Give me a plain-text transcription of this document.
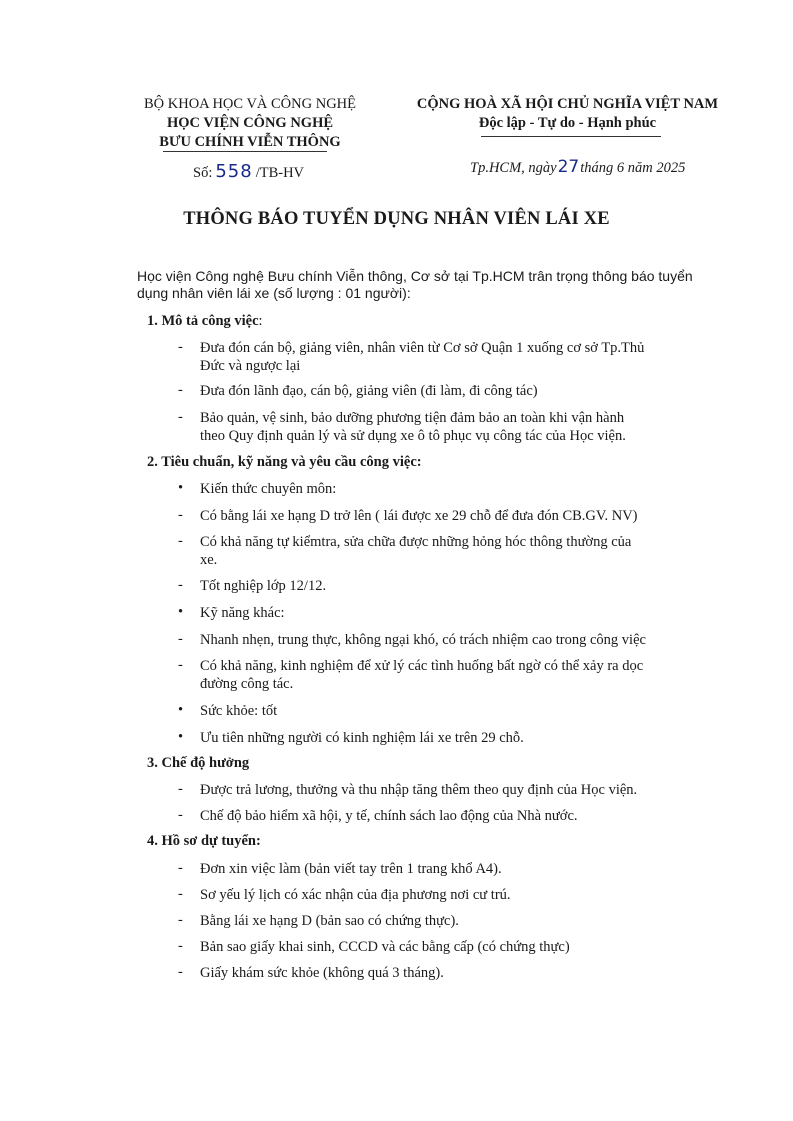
BỘ KHOA HỌC VÀ CÔNG NGHỆ
HỌC VIỆN CÔNG NGHỆ
BƯU CHÍNH VIỄN THÔNG
Số: 558 /TB-HV
CỘNG HOÀ XÃ HỘI CHỦ NGHĨA VIỆT NAM
Độc lập - Tự do - Hạnh phúc
Tp.HCM, ngày27tháng 6 năm 2025
THÔNG BÁO TUYỂN DỤNG NHÂN VIÊN LÁI XE
Học viện Công nghệ Bưu chính Viễn thông, Cơ sở tại Tp.HCM trân trọng thông báo tuyển
dụng nhân viên lái xe (số lượng : 01 người):
1. Mô tả công việc:
- Đưa đón cán bộ, giảng viên, nhân viên từ Cơ sở Quận 1 xuống cơ sở Tp.Thủ
Đức và ngược lại
- Đưa đón lãnh đạo, cán bộ, giảng viên (đi làm, đi công tác)
- Bảo quản, vệ sinh, bảo dưỡng phương tiện đảm bảo an toàn khi vận hành
theo Quy định quản lý và sử dụng xe ô tô phục vụ công tác của Học viện.
2. Tiêu chuẩn, kỹ năng và yêu cầu công việc:
• Kiến thức chuyên môn:
- Có bằng lái xe hạng D trở lên ( lái được xe 29 chỗ để đưa đón CB.GV. NV)
- Có khả năng tự kiểmtra, sửa chữa được những hỏng hóc thông thường của
xe.
- Tốt nghiệp lớp 12/12.
• Kỹ năng khác:
- Nhanh nhẹn, trung thực, không ngại khó, có trách nhiệm cao trong công việc
- Có khả năng, kinh nghiệm để xử lý các tình huống bất ngờ có thể xảy ra dọc
đường công tác.
• Sức khỏe: tốt
• Ưu tiên những người có kinh nghiệm lái xe trên 29 chỗ.
3. Chế độ hưởng
- Được trả lương, thưởng và thu nhập tăng thêm theo quy định của Học viện.
- Chế độ bảo hiểm xã hội, y tế, chính sách lao động của Nhà nước.
4. Hồ sơ dự tuyển:
- Đơn xin việc làm (bản viết tay trên 1 trang khổ A4).
- Sơ yếu lý lịch có xác nhận của địa phương nơi cư trú.
- Bằng lái xe hạng D (bản sao có chứng thực).
- Bản sao giấy khai sinh, CCCD và các bằng cấp (có chứng thực)
- Giấy khám sức khỏe (không quá 3 tháng).
